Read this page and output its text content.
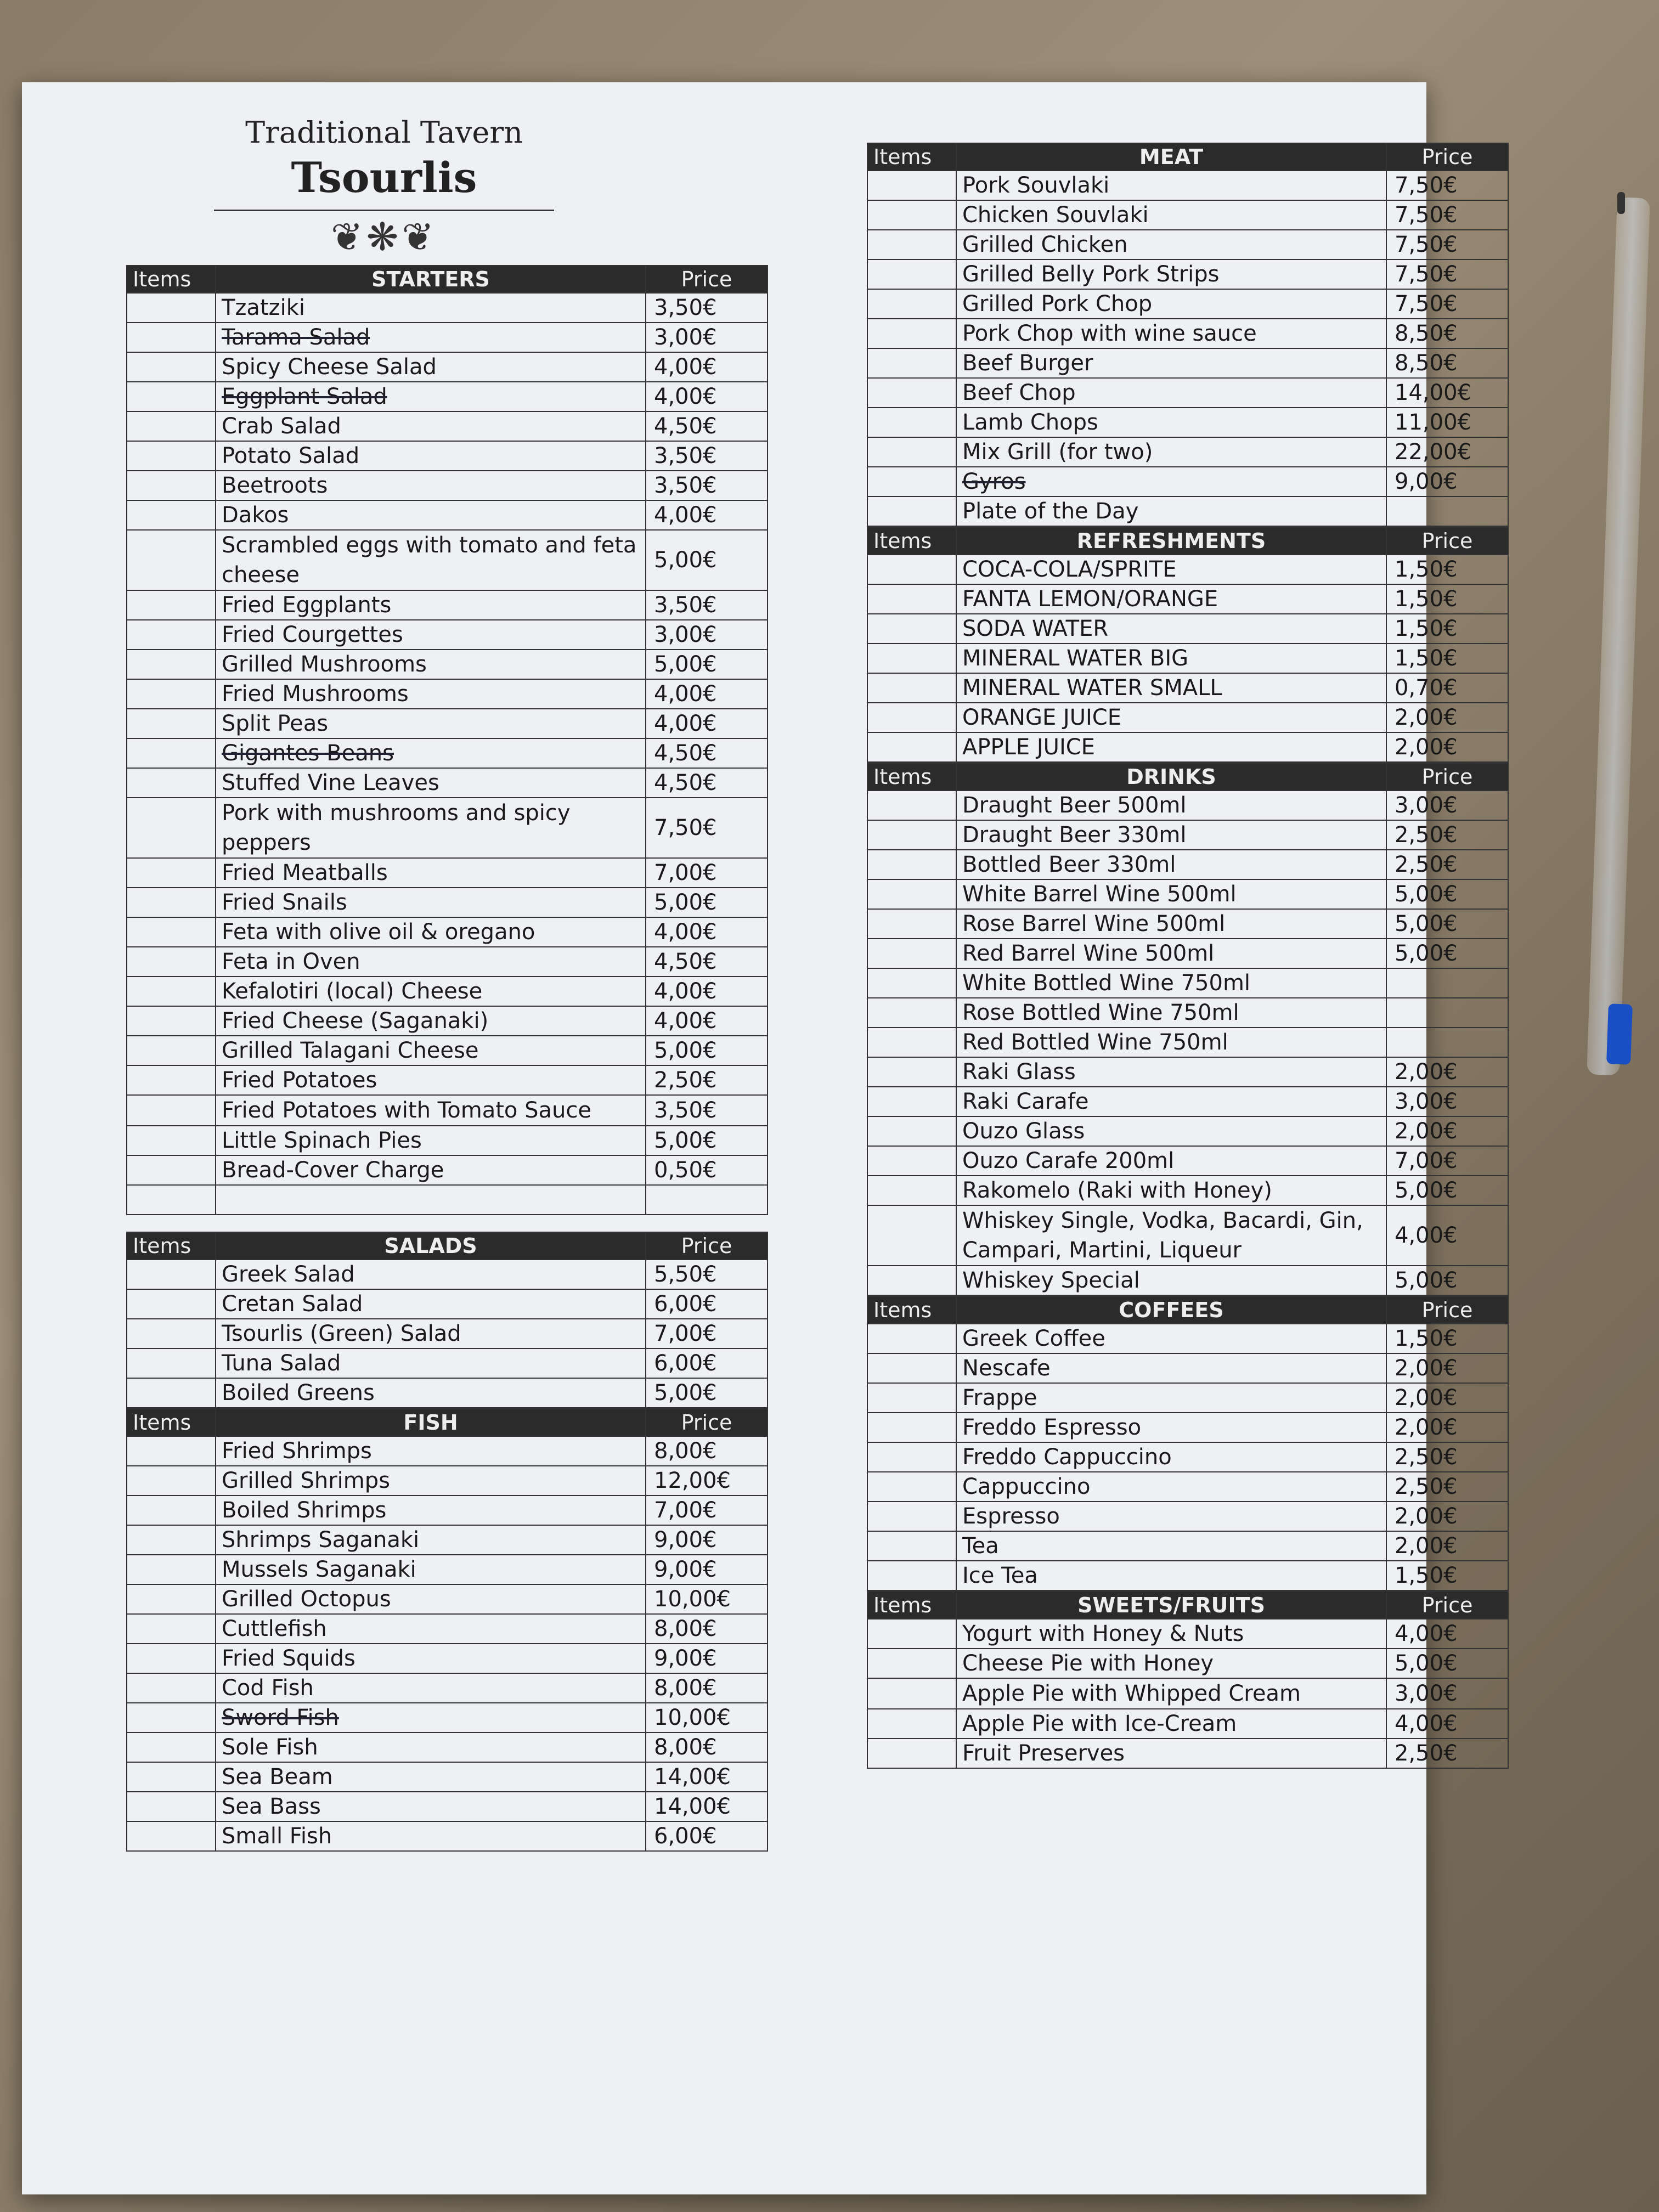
Traditional Tavern
Tsourlis
❦❋❦
Items	STARTERS	Price
	Tzatziki	3,50€
	Tarama Salad	3,00€
	Spicy Cheese Salad	4,00€
	Eggplant Salad	4,00€
	Crab Salad	4,50€
	Potato Salad	3,50€
	Beetroots	3,50€
	Dakos	4,00€
	Scrambled eggs with tomato and feta cheese	5,00€
	Fried Eggplants	3,50€
	Fried Courgettes	3,00€
	Grilled Mushrooms	5,00€
	Fried Mushrooms	4,00€
	Split Peas	4,00€
	Gigantes Beans	4,50€
	Stuffed Vine Leaves	4,50€
	Pork with mushrooms and spicy peppers	7,50€
	Fried Meatballs	7,00€
	Fried Snails	5,00€
	Feta with olive oil & oregano	4,00€
	Feta in Oven	4,50€
	Kefalotiri (local) Cheese	4,00€
	Fried Cheese (Saganaki)	4,00€
	Grilled Talagani Cheese	5,00€
	Fried Potatoes	2,50€
	Fried Potatoes with Tomato Sauce	3,50€
	Little Spinach Pies	5,00€
	Bread-Cover Charge	0,50€

Items	SALADS	Price
	Greek Salad	5,50€
	Cretan Salad	6,00€
	Tsourlis (Green) Salad	7,00€
	Tuna Salad	6,00€
	Boiled Greens	5,00€
Items	FISH	Price
	Fried Shrimps	8,00€
	Grilled Shrimps	12,00€
	Boiled Shrimps	7,00€
	Shrimps Saganaki	9,00€
	Mussels Saganaki	9,00€
	Grilled Octopus	10,00€
	Cuttlefish	8,00€
	Fried Squids	9,00€
	Cod Fish	8,00€
	Sword Fish	10,00€
	Sole Fish	8,00€
	Sea Beam	14,00€
	Sea Bass	14,00€
	Small Fish	6,00€
Items	MEAT	Price
	Pork Souvlaki	7,50€
	Chicken Souvlaki	7,50€
	Grilled Chicken	7,50€
	Grilled Belly Pork Strips	7,50€
	Grilled Pork Chop	7,50€
	Pork Chop with wine sauce	8,50€
	Beef Burger	8,50€
	Beef Chop	14,00€
	Lamb Chops	11,00€
	Mix Grill (for two)	22,00€
	Gyros	9,00€
	Plate of the Day	
Items	REFRESHMENTS	Price
	COCA-COLA/SPRITE	1,50€
	FANTA LEMON/ORANGE	1,50€
	SODA WATER	1,50€
	MINERAL WATER BIG	1,50€
	MINERAL WATER SMALL	0,70€
	ORANGE JUICE	2,00€
	APPLE JUICE	2,00€
Items	DRINKS	Price
	Draught Beer 500ml	3,00€
	Draught Beer 330ml	2,50€
	Bottled Beer 330ml	2,50€
	White Barrel Wine 500ml	5,00€
	Rose Barrel Wine 500ml	5,00€
	Red Barrel Wine 500ml	5,00€
	White Bottled Wine 750ml	
	Rose Bottled Wine 750ml	
	Red Bottled Wine 750ml	
	Raki Glass	2,00€
	Raki Carafe	3,00€
	Ouzo Glass	2,00€
	Ouzo Carafe 200ml	7,00€
	Rakomelo (Raki with Honey)	5,00€
	Whiskey Single, Vodka, Bacardi, Gin, Campari, Martini, Liqueur	4,00€
	Whiskey Special	5,00€
Items	COFFEES	Price
	Greek Coffee	1,50€
	Nescafe	2,00€
	Frappe	2,00€
	Freddo Espresso	2,00€
	Freddo Cappuccino	2,50€
	Cappuccino	2,50€
	Espresso	2,00€
	Tea	2,00€
	Ice Tea	1,50€
Items	SWEETS/FRUITS	Price
	Yogurt with Honey & Nuts	4,00€
	Cheese Pie with Honey	5,00€
	Apple Pie with Whipped Cream	3,00€
	Apple Pie with Ice-Cream	4,00€
	Fruit Preserves	2,50€
